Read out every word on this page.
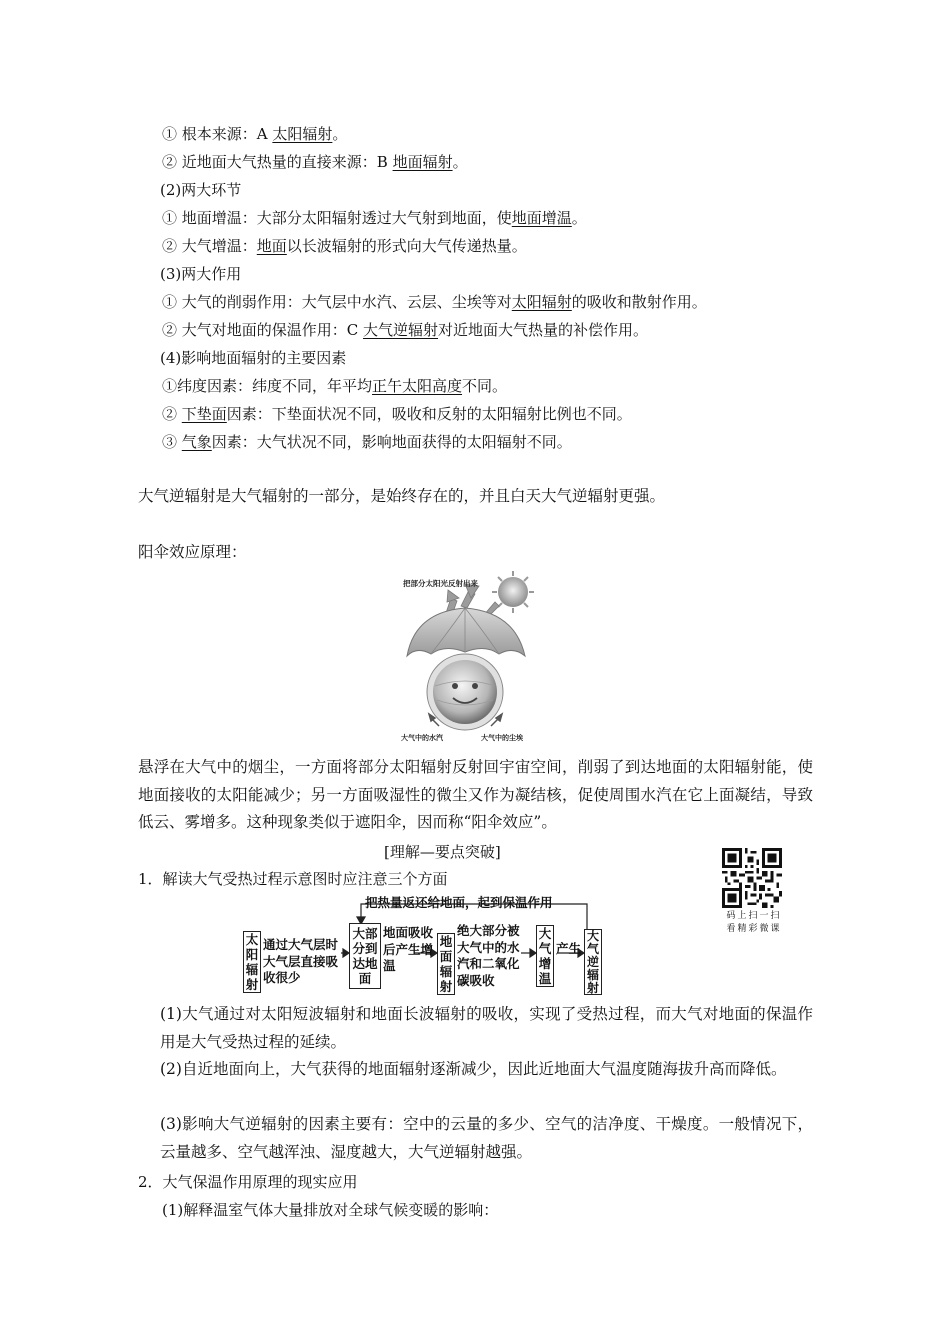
① 根本来源：A 太阳辐射。
② 近地面大气热量的直接来源：B 地面辐射。
(2)两大环节
① 地面增温：大部分太阳辐射透过大气射到地面，使地面增温。
② 大气增温：地面以长波辐射的形式向大气传递热量。
(3)两大作用
① 大气的削弱作用：大气层中水汽、云层、尘埃等对太阳辐射的吸收和散射作用。
② 大气对地面的保温作用：C 大气逆辐射对近地面大气热量的补偿作用。
(4)影响地面辐射的主要因素
①纬度因素：纬度不同，年平均正午太阳高度不同。
② 下垫面因素：下垫面状况不同，吸收和反射的太阳辐射比例也不同。
③ 气象因素：大气状况不同，影响地面获得的太阳辐射不同。
大气逆辐射是大气辐射的一部分，是始终存在的，并且白天大气逆辐射更强。
阳伞效应原理：
把部分太阳光反射出来
大气中的水汽	大气中的尘埃
悬浮在大气中的烟尘，一方面将部分太阳辐射反射回宇宙空间，削弱了到达地面的太阳辐射能，使地面接收的太阳能减少；另一方面吸湿性的微尘又作为凝结核，促使周围水汽在它上面凝结，导致低云、雾增多。这种现象类似于遮阳伞，因而称“阳伞效应”。
[理解—要点突破]
码上扫一扫
看精彩微课
1．解读大气受热过程示意图时应注意三个方面
把热量返还给地面，起到保温作用
太阳辐射
通过大气层时大气层直接吸收很少
大部分到达地面
地面吸收后产生增温
地面辐射
绝大部分被大气中的水汽和二氧化碳吸收
大气增温
产生
大气逆辐射
(1)大气通过对太阳短波辐射和地面长波辐射的吸收，实现了受热过程，而大气对地面的保温作用是大气受热过程的延续。
(2)自近地面向上，大气获得的地面辐射逐渐减少，因此近地面大气温度随海拔升高而降低。
(3)影响大气逆辐射的因素主要有：空中的云量的多少、空气的洁净度、干燥度。一般情况下，云量越多、空气越浑浊、湿度越大，大气逆辐射越强。
2．大气保温作用原理的现实应用
(1)解释温室气体大量排放对全球气候变暖的影响：
